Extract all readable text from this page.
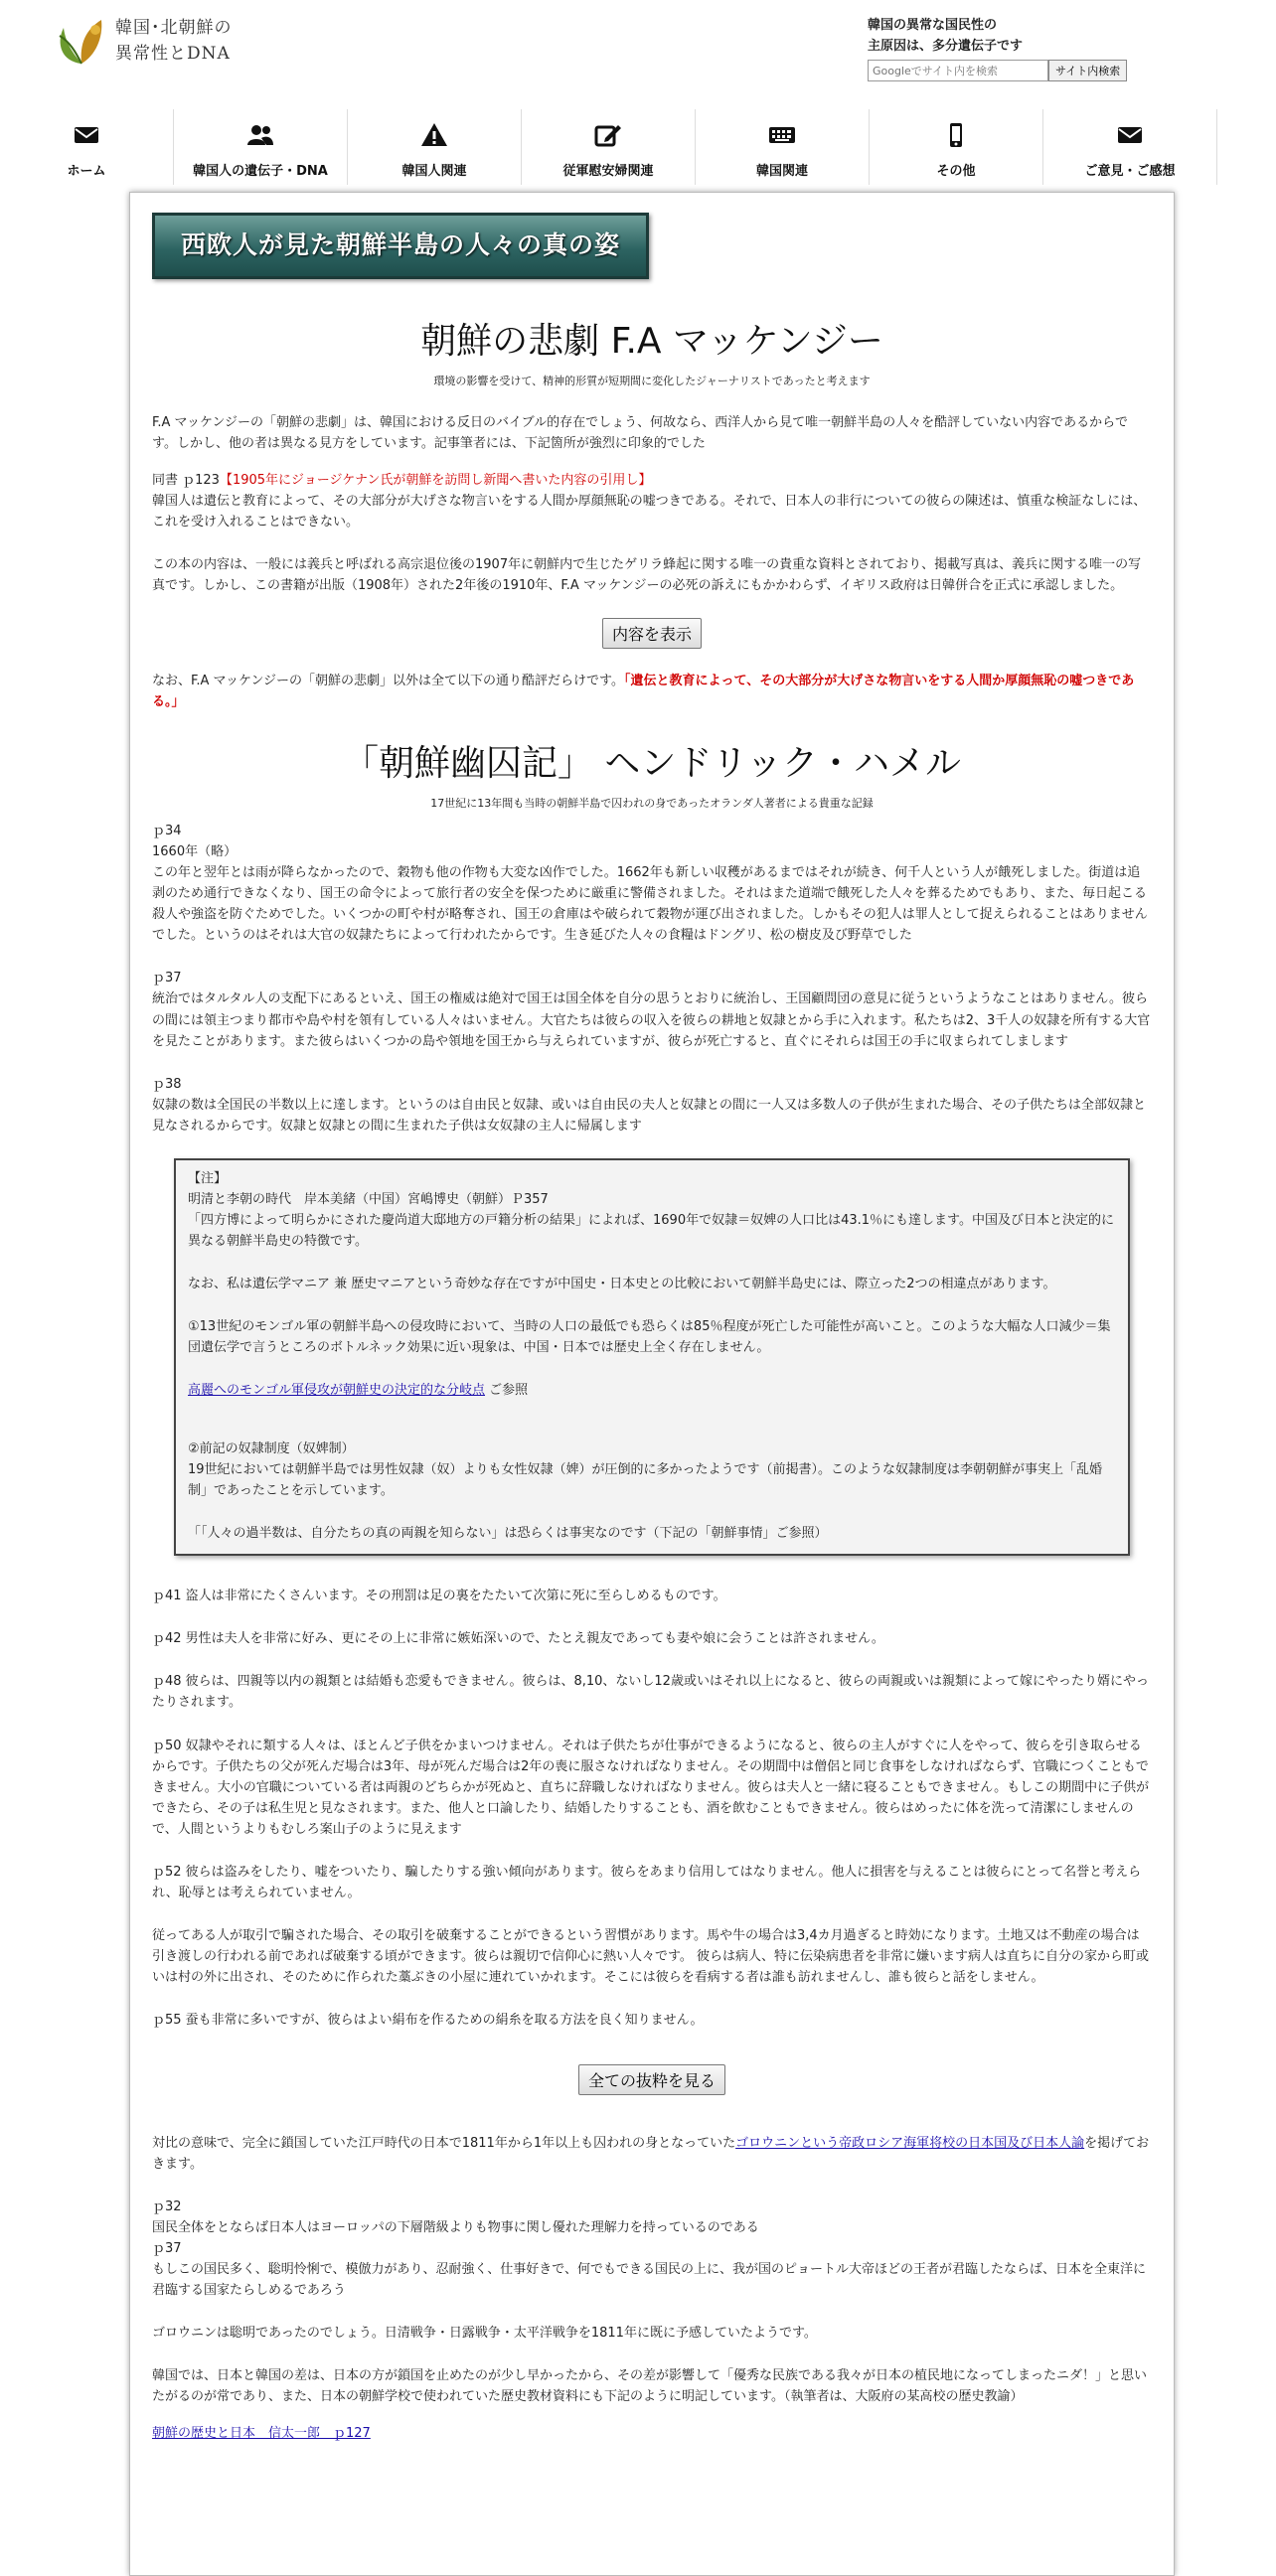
韓国･北朝鮮の
異常性とDNA
韓国の異常な国民性の
主原因は、多分遺伝子です
Googleでサイト内を検索
サイト内検索
ホーム	韓国人の遺伝子・DNA	韓国人関連	従軍慰安婦関連	韓国関連	その他	ご意見・ご感想
西欧人が見た朝鮮半島の人々の真の姿
朝鮮の悲劇 F.A マッケンジー

環境の影響を受けて、精神的形質が短期間に変化したジャーナリストであったと考えます

F.A マッケンジーの「朝鮮の悲劇」は、韓国における反日のバイブル的存在でしょう、何故なら、西洋人から見て唯一朝鮮半島の人々を酷評していない内容であるからです。しかし、他の者は異なる見方をしています。記事筆者には、下記箇所が強烈に印象的でした

同書 ｐ123【1905年にジョージケナン氏が朝鮮を訪問し新聞へ書いた内容の引用し】

韓国人は遺伝と教育によって、その大部分が大げさな物言いをする人間か厚顔無恥の嘘つきである。それで、日本人の非行についての彼らの陳述は、慎重な検証なしには、これを受け入れることはできない。

この本の内容は、一般には義兵と呼ばれる高宗退位後の1907年に朝鮮内で生じたゲリラ蜂起に関する唯一の貴重な資料とされており、掲載写真は、義兵に関する唯一の写真です。しかし、この書籍が出版（1908年）された2年後の1910年、F.A マッケンジーの必死の訴えにもかかわらず、イギリス政府は日韓併合を正式に承認しました。

内容を表示

なお、F.A マッケンジーの「朝鮮の悲劇」以外は全て以下の通り酷評だらけです。「遺伝と教育によって、その大部分が大げさな物言いをする人間か厚顔無恥の嘘つきである。」

「朝鮮幽囚記」 ヘンドリック・ハメル

17世紀に13年間も当時の朝鮮半島で囚われの身であったオランダ人著者による貴重な記録

ｐ34

1660年（略）

この年と翌年とは雨が降らなかったので、穀物も他の作物も大変な凶作でした。1662年も新しい収穫があるまではそれが続き、何千人という人が餓死しました。街道は追剥のため通行できなくなり、国王の命令によって旅行者の安全を保つために厳重に警備されました。それはまた道端で餓死した人々を葬るためでもあり、また、毎日起こる殺人や強盗を防ぐためでした。いくつかの町や村が略奪され、国王の倉庫はや破られて穀物が運び出されました。しかもその犯人は罪人として捉えられることはありませんでした。というのはそれは大官の奴隷たちによって行われたからです。生き延びた人々の食糧はドングリ、松の樹皮及び野草でした

ｐ37

統治ではタルタル人の支配下にあるといえ、国王の権威は絶対で国王は国全体を自分の思うとおりに統治し、王国顧問団の意見に従うというようなことはありません。彼らの間には領主つまり都市や島や村を領有している人々はいません。大官たちは彼らの収入を彼らの耕地と奴隷とから手に入れます。私たちは2、3千人の奴隷を所有する大官を見たことがあります。また彼らはいくつかの島や領地を国王から与えられていますが、彼らが死亡すると、直ぐにそれらは国王の手に収まられてしまします

ｐ38

奴隷の数は全国民の半数以上に達します。というのは自由民と奴隷、或いは自由民の夫人と奴隷との間に一人又は多数人の子供が生まれた場合、その子供たちは全部奴隷と見なされるからです。奴隷と奴隷との間に生まれた子供は女奴隷の主人に帰属します

【注】

明清と李朝の時代　岸本美緒（中国）宮嶋博史（朝鮮）Ｐ357

「四方博によって明らかにされた慶尚道大邸地方の戸籍分析の結果」によれば、1690年で奴隷＝奴婢の人口比は43.1％にも達します。中国及び日本と決定的に異なる朝鮮半島史の特徴です。

なお、私は遺伝学マニア 兼 歴史マニアという奇妙な存在ですが中国史・日本史との比較において朝鮮半島史には、際立った2つの相違点があります。

①13世紀のモンゴル軍の朝鮮半島への侵攻時において、当時の人口の最低でも恐らくは85％程度が死亡した可能性が高いこと。このような大幅な人口減少＝集団遺伝学で言うところのボトルネック効果に近い現象は、中国・日本では歴史上全く存在しません。

高麗へのモンゴル軍侵攻が朝鮮史の決定的な分岐点 ご参照

②前記の奴隷制度（奴婢制）

19世紀においては朝鮮半島では男性奴隷（奴）よりも女性奴隷（婢）が圧倒的に多かったようです（前掲書）。このような奴隷制度は李朝朝鮮が事実上「乱婚制」であったことを示しています。

「「人々の過半数は、自分たちの真の両親を知らない」は恐らくは事実なのです（下記の「朝鮮事情」ご参照）

ｐ41 盗人は非常にたくさんいます。その刑罰は足の裏をたたいて次第に死に至らしめるものです。

ｐ42 男性は夫人を非常に好み、更にその上に非常に嫉妬深いので、たとえ親友であっても妻や娘に会うことは許されません。

ｐ48 彼らは、四親等以内の親類とは結婚も恋愛もできません。彼らは、8,10、ないし12歳或いはそれ以上になると、彼らの両親或いは親類によって嫁にやったり婿にやったりされます。

ｐ50 奴隷やそれに類する人々は、ほとんど子供をかまいつけません。それは子供たちが仕事ができるようになると、彼らの主人がすぐに人をやって、彼らを引き取らせるからです。子供たちの父が死んだ場合は3年、母が死んだ場合は2年の喪に服さなければなりません。その期間中は僧侶と同じ食事をしなければならず、官職につくこともできません。大小の官職についている者は両親のどちらかが死ぬと、直ちに辞職しなければなりません。彼らは夫人と一緒に寝ることもできません。もしこの期間中に子供ができたら、その子は私生児と見なされます。また、他人と口論したり、結婚したりすることも、酒を飲むこともできません。彼らはめったに体を洗って清潔にしませんので、人間というよりもむしろ案山子のように見えます

ｐ52 彼らは盗みをしたり、嘘をついたり、騙したりする強い傾向があります。彼らをあまり信用してはなりません。他人に損害を与えることは彼らにとって名誉と考えられ、恥辱とは考えられていません。

従ってある人が取引で騙された場合、その取引を破棄することができるという習慣があります。馬や牛の場合は3,4カ月過ぎると時効になります。土地又は不動産の場合は引き渡しの行われる前であれば破棄する頃ができます。彼らは親切で信仰心に熱い人々です。 彼らは病人、特に伝染病患者を非常に嫌います病人は直ちに自分の家から町或いは村の外に出され、そのために作られた藁ぶきの小屋に連れていかれます。そこには彼らを看病する者は誰も訪れませんし、誰も彼らと話をしません。

ｐ55 蚕も非常に多いですが、彼らはよい絹布を作るための絹糸を取る方法を良く知りません。

全ての抜粋を見る

対比の意味で、完全に鎖国していた江戸時代の日本で1811年から1年以上も囚われの身となっていたゴロウニンという帝政ロシア海軍将校の日本国及び日本人論を掲げておきます。

ｐ32

国民全体をとならば日本人はヨーロッパの下層階級よりも物事に関し優れた理解力を持っているのである

ｐ37

もしこの国民多く、聡明怜悧で、模倣力があり、忍耐強く、仕事好きで、何でもできる国民の上に、我が国のピョートル大帝ほどの王者が君臨したならば、日本を全東洋に君臨する国家たらしめるであろう

ゴロウニンは聡明であったのでしょう。日清戦争・日露戦争・太平洋戦争を1811年に既に予感していたようです。

韓国では、日本と韓国の差は、日本の方が鎖国を止めたのが少し早かったから、その差が影響して「優秀な民族である我々が日本の植民地になってしまったニダ！」と思いたがるのが常であり、また、日本の朝鮮学校で使われていた歴史教材資料にも下記のように明記しています。（執筆者は、大阪府の某高校の歴史教諭）

朝鮮の歴史と日本　信太一郎　ｐ127
